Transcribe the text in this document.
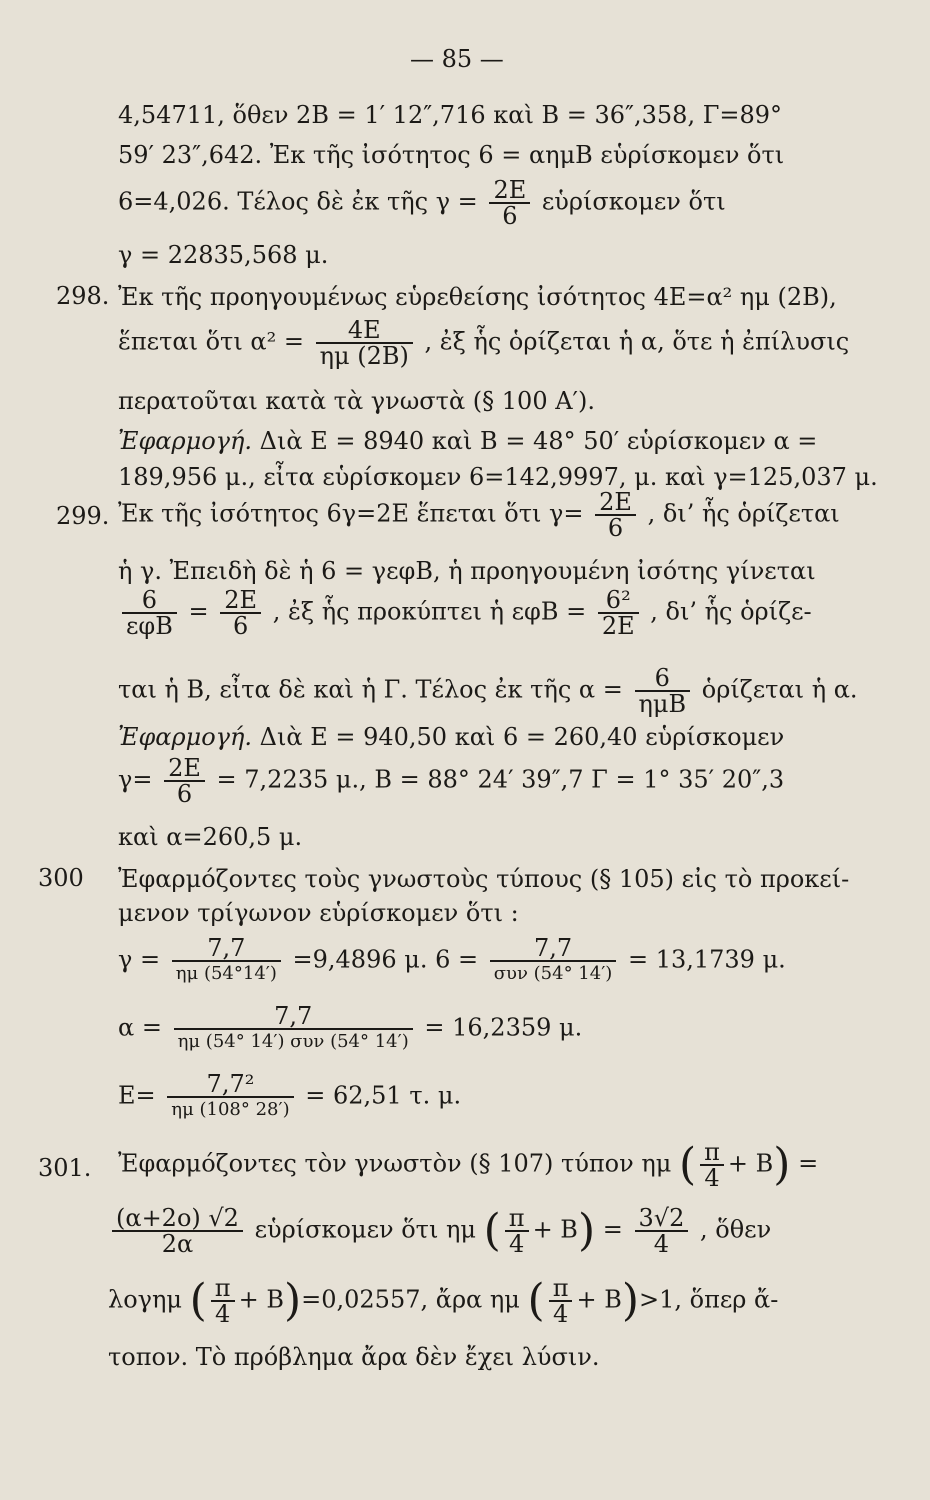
— 85 —
4,54711, ὅθεν 2B = 1′ 12″,716 καὶ B = 36″,358, Γ=89°
59′ 23″,642. Ἐκ τῆς ἰσότητος 6 = αημB εὑρίσκομεν ὅτι
6=4,026. Τέλος δὲ ἐκ τῆς $\gamma = \frac{2E}{6}$ εὑρίσκομεν ὅτι
γ = 22835,568 μ.
298. Ἐκ τῆς προηγουμένως εὑρεθείσης ἰσότητος 4E=α² ημ (2B),
ἕπεται ὅτι $\alpha^2 = \frac{4E}{\eta\mu (2B)}$ , ἐξ ἧς ὁρίζεται ἡ α, ὅτε ἡ ἐπίλυσις
περατοῦται κατὰ τὰ γνωστὰ (§ 100 Α′).
Ἐφαρμογή. Διὰ E = 8940 καὶ B = 48° 50′ εὑρίσκομεν α =
189,956 μ., εἶτα εὑρίσκομεν 6=142,9997, μ. καὶ γ=125,037 μ.
299. Ἐκ τῆς ἰσότητος 6γ=2E ἕπεται ὅτι $\gamma= \frac{2E}{6}$ , δι’ ἧς ὁρίζεται
ἡ γ. Ἐπειδὴ δὲ ἡ 6 = γεφB, ἡ προηγουμένη ἰσότης γίνεται
$\frac{6}{\text{εφB}} = \frac{2E}{6}$ , ἐξ ἧς προκύπτει ἡ $\varepsilon\varphi B = \frac{\text{6²}}{2E}$ , δι’ ἧς ὁρίζε-
ται ἡ B, εἶτα δὲ καὶ ἡ Γ. Τέλος ἐκ τῆς $\alpha = \frac{6}{\text{ημB}}$ ὁρίζεται ἡ α.
Ἐφαρμογή. Διὰ E = 940,50 καὶ 6 = 260,40 εὑρίσκομεν
$\gamma= \frac{2E}{6} = 7,2235$ μ., B = 88° 24′ 39″,7 Γ = 1° 35′ 20″,3
καὶ α=260,5 μ.
300 Ἐφαρμόζοντες τοὺς γνωστοὺς τύπους (§ 105) εἰς τὸ προκεί-
μενον τρίγωνον εὑρίσκομεν ὅτι :
$\gamma = \frac{7,7}{\eta\mu (54^\circ 14')} =9,4896$ μ. $6 = \frac{7,7}{\text{συν (54° 14′)}} = 13,1739$ μ.
$\alpha = \frac{7,7}{\text{ημ (54° 14′) συν (54° 14′)}} = 16,2359$ μ.
$E= \frac{\text{7,7²}}{\eta\mu (108^\circ 28')} = 62,51$ τ. μ.
301. Ἐφαρμόζοντες τὸν γνωστὸν (§ 107) τύπον ημ ( $\frac{\pi}{4} + B$) =
$\frac{(\alpha+2o) √2}{2\alpha}$ εὑρίσκομεν ὅτι ημ ( $\frac{\pi}{4} + B) = \frac{3√2}{4}$ , ὅθεν
λογημ ( $\frac{\pi}{4} + B)=0,02557$, ἄρα ημ ( $\frac{\pi}{4} + B)>1$, ὅπερ ἄ-
τοπον. Τὸ πρόβλημα ἄρα δὲν ἔχει λύσιν.
